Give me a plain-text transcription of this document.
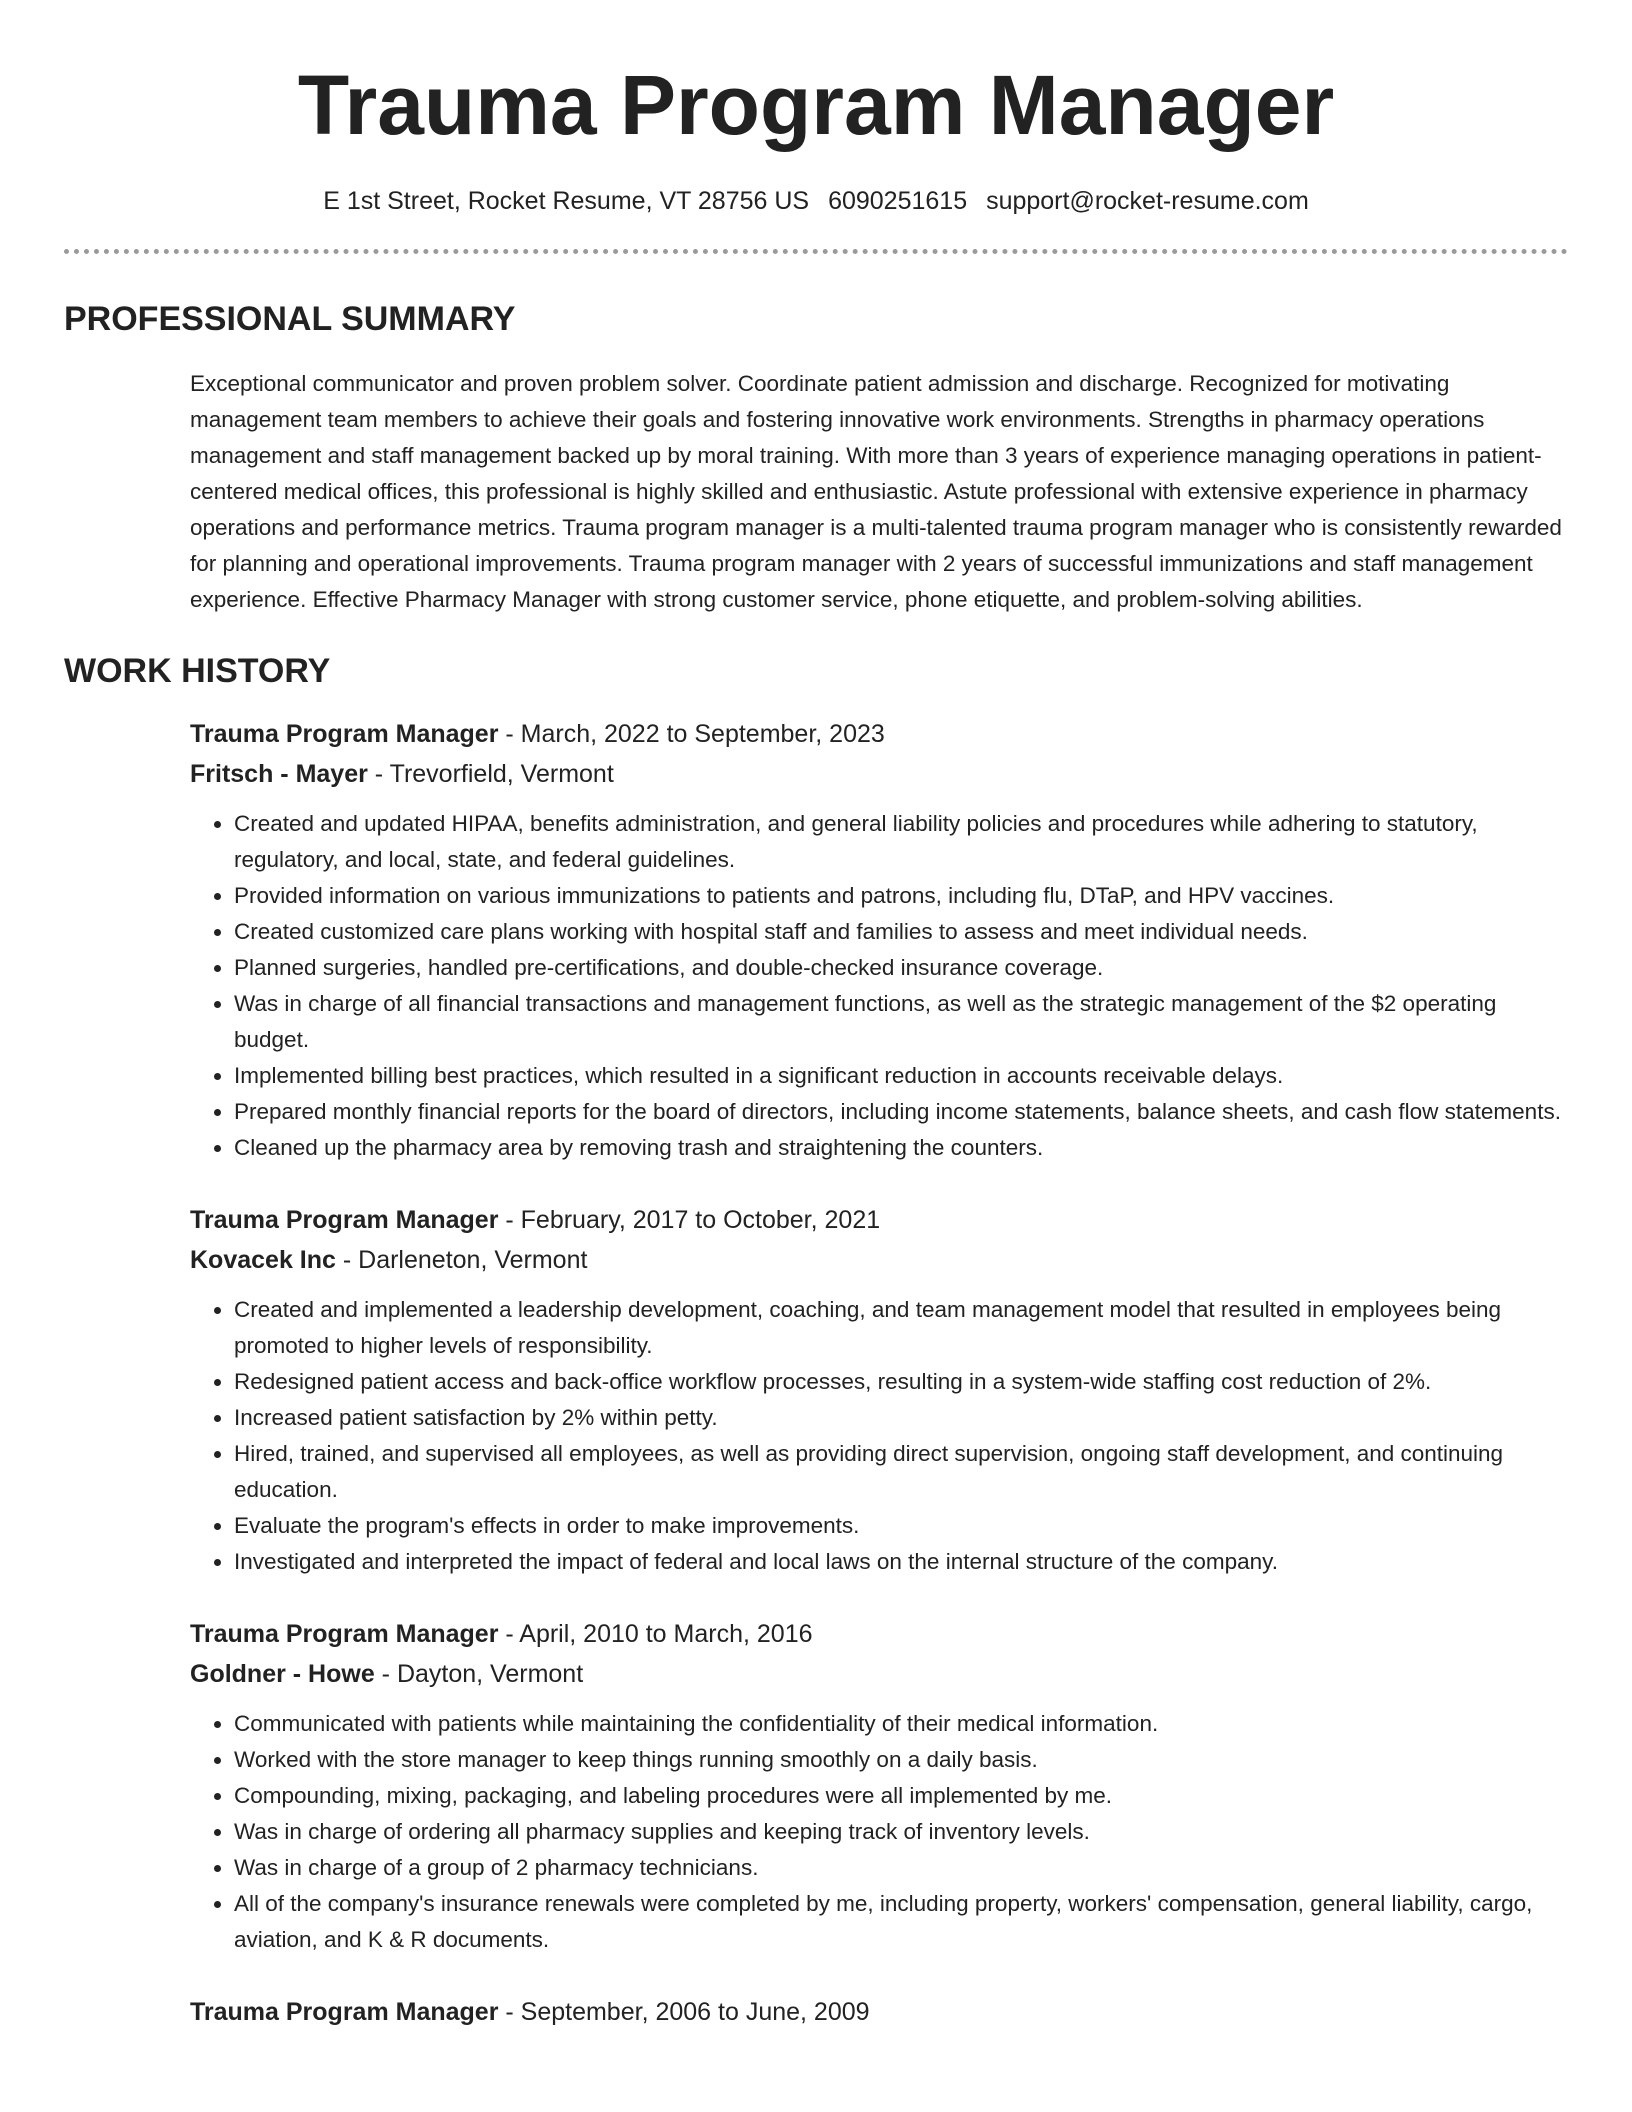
Trauma Program Manager
E 1st Street, Rocket Resume, VT 28756 US 6090251615 support@rocket-resume.com
PROFESSIONAL SUMMARY

Exceptional communicator and proven problem solver. Coordinate patient admission and discharge. Recognized for motivating management team members to achieve their goals and fostering innovative work environments. Strengths in pharmacy operations management and staff management backed up by moral training. With more than 3 years of experience managing operations in patient-centered medical offices, this professional is highly skilled and enthusiastic. Astute professional with extensive experience in pharmacy operations and performance metrics. Trauma program manager is a multi-talented trauma program manager who is consistently rewarded for planning and operational improvements. Trauma program manager with 2 years of successful immunizations and staff management experience. Effective Pharmacy Manager with strong customer service, phone etiquette, and problem-solving abilities.

WORK HISTORY
Trauma Program Manager - March, 2022 to September, 2023
Fritsch - Mayer - Trevorfield, Vermont
• Created and updated HIPAA, benefits administration, and general liability policies and procedures while adhering to statutory, regulatory, and local, state, and federal guidelines.
• Provided information on various immunizations to patients and patrons, including flu, DTaP, and HPV vaccines.
• Created customized care plans working with hospital staff and families to assess and meet individual needs.
• Planned surgeries, handled pre-certifications, and double-checked insurance coverage.
• Was in charge of all financial transactions and management functions, as well as the strategic management of the $2 operating budget.
• Implemented billing best practices, which resulted in a significant reduction in accounts receivable delays.
• Prepared monthly financial reports for the board of directors, including income statements, balance sheets, and cash flow statements.
• Cleaned up the pharmacy area by removing trash and straightening the counters.
Trauma Program Manager - February, 2017 to October, 2021
Kovacek Inc - Darleneton, Vermont
• Created and implemented a leadership development, coaching, and team management model that resulted in employees being promoted to higher levels of responsibility.
• Redesigned patient access and back-office workflow processes, resulting in a system-wide staffing cost reduction of 2%.
• Increased patient satisfaction by 2% within petty.
• Hired, trained, and supervised all employees, as well as providing direct supervision, ongoing staff development, and continuing education.
• Evaluate the program's effects in order to make improvements.
• Investigated and interpreted the impact of federal and local laws on the internal structure of the company.
Trauma Program Manager - April, 2010 to March, 2016
Goldner - Howe - Dayton, Vermont
• Communicated with patients while maintaining the confidentiality of their medical information.
• Worked with the store manager to keep things running smoothly on a daily basis.
• Compounding, mixing, packaging, and labeling procedures were all implemented by me.
• Was in charge of ordering all pharmacy supplies and keeping track of inventory levels.
• Was in charge of a group of 2 pharmacy technicians.
• All of the company's insurance renewals were completed by me, including property, workers' compensation, general liability, cargo, aviation, and K & R documents.
Trauma Program Manager - September, 2006 to June, 2009
